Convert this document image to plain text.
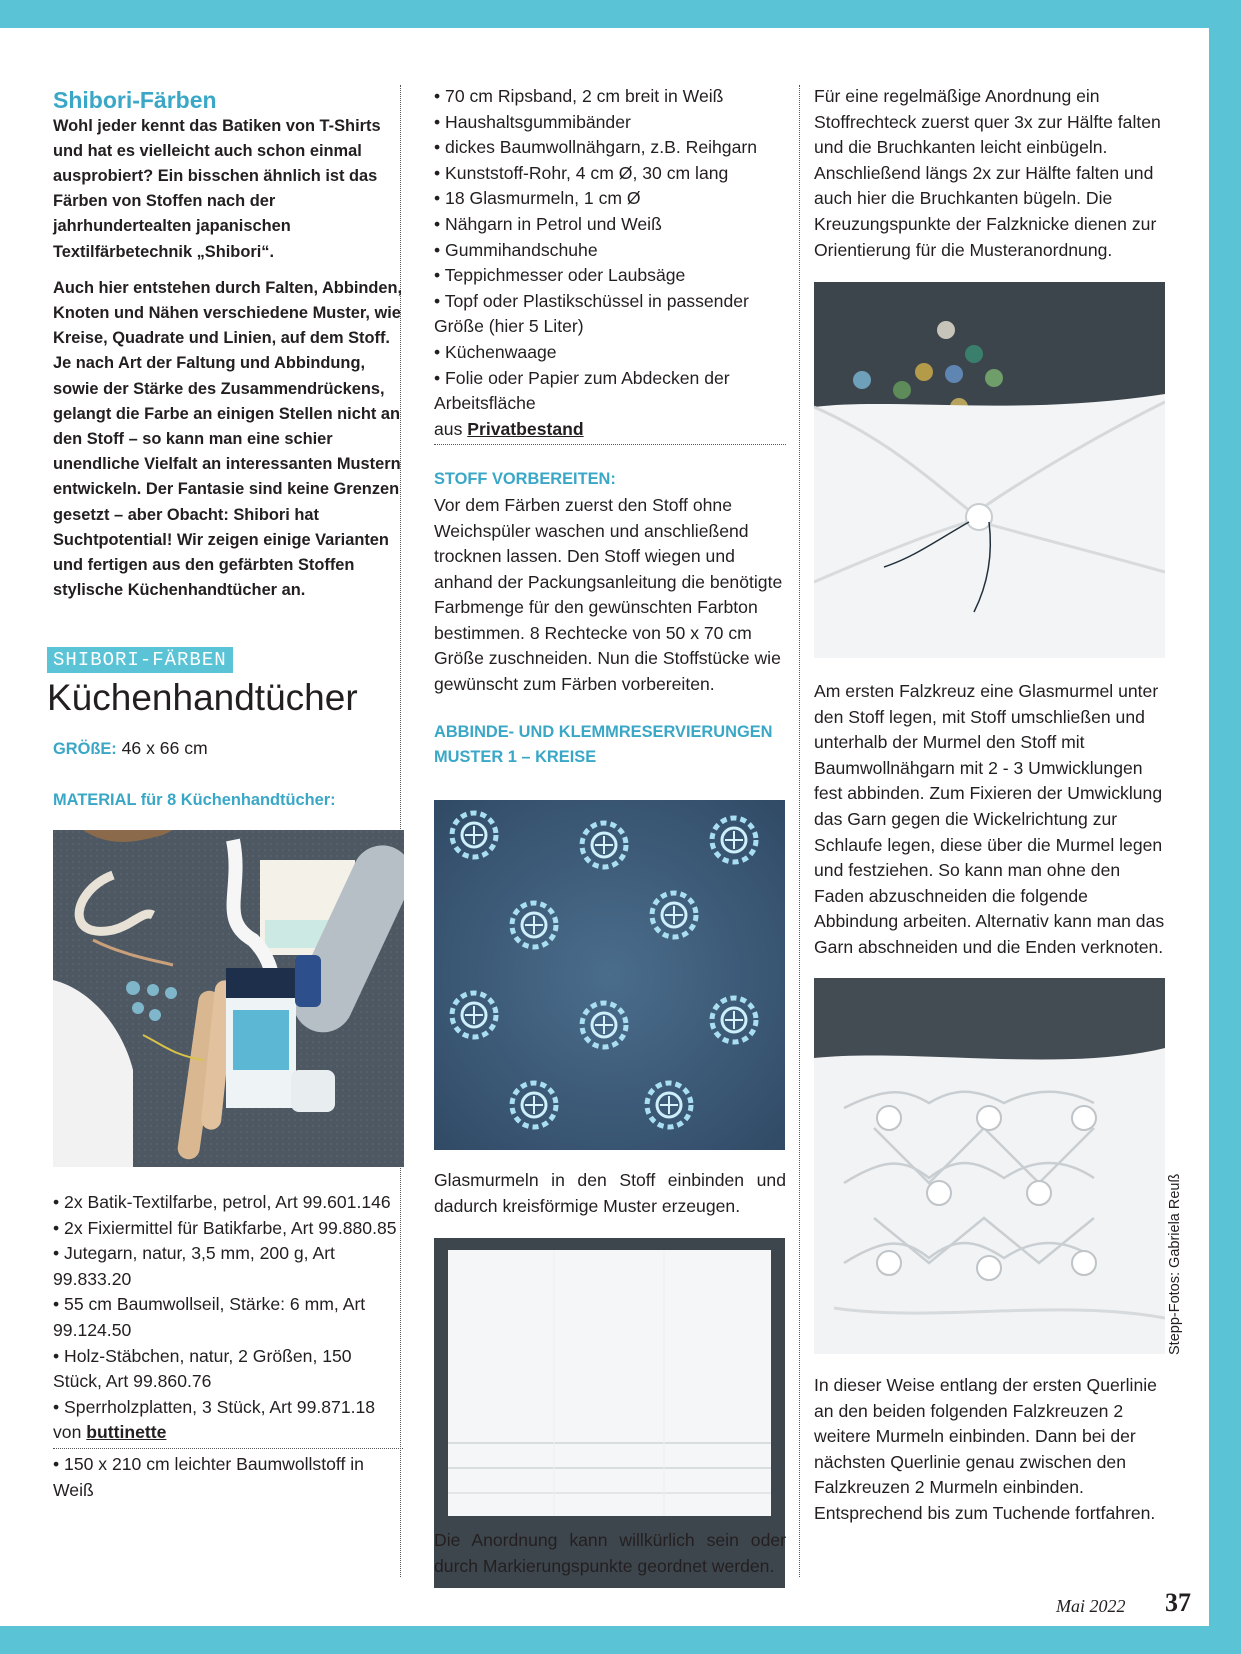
Shibori-Färben

Wohl jeder kennt das Batiken von T-Shirts und hat es vielleicht auch schon einmal ausprobiert? Ein bisschen ähnlich ist das Färben von Stoffen nach der jahrhundertealten japanischen Textilfärbetechnik „Shibori“.

Auch hier entstehen durch Falten, Abbinden, Knoten und Nähen verschiedene Muster, wie Kreise, Quadrate und Linien, auf dem Stoff. Je nach Art der Faltung und Abbindung, sowie der Stärke des Zusammendrückens, gelangt die Farbe an einigen Stellen nicht an den Stoff – so kann man eine schier unendliche Vielfalt an interessanten Mustern entwickeln. Der Fantasie sind keine Grenzen gesetzt – aber Obacht: Shibori hat Suchtpotential! Wir zeigen einige Varianten und fertigen aus den gefärbten Stoffen stylische Küchenhandtücher an.

SHIBORI-FÄRBEN
Küchenhandtücher
GRÖßE: 46 x 66 cm
MATERIAL für 8 Küchenhandtücher:

• 2x Batik-Textilfarbe, petrol, Art 99.601.146

• 2x Fixiermittel für Batikfarbe, Art 99.880.85

• Jutegarn, natur, 3,5 mm, 200 g, Art 99.833.20

• 55 cm Baumwollseil, Stärke: 6 mm, Art 99.124.50

• Holz-Stäbchen, natur, 2 Größen, 150 Stück, Art 99.860.76

• Sperrholzplatten, 3 Stück, Art 99.871.18

von buttinette

• 150 x 210 cm leichter Baumwollstoff in Weiß

• 70 cm Ripsband, 2 cm breit in Weiß

• Haushaltsgummibänder

• dickes Baumwollnähgarn, z.B. Reihgarn

• Kunststoff-Rohr, 4 cm Ø, 30 cm lang

• 18 Glasmurmeln, 1 cm Ø

• Nähgarn in Petrol und Weiß

• Gummihandschuhe

• Teppichmesser oder Laubsäge

• Topf oder Plastikschüssel in passender Größe (hier 5 Liter)

• Küchenwaage

• Folie oder Papier zum Abdecken der Arbeitsfläche

aus Privatbestand

STOFF VORBEREITEN:

Vor dem Färben zuerst den Stoff ohne Weichspüler waschen und anschließend trocknen lassen. Den Stoff wiegen und anhand der Packungsanleitung die benötigte Farbmenge für den gewünschten Farbton bestimmen. 8 Rechtecke von 50 x 70 cm Größe zuschneiden. Nun die Stoffstücke wie gewünscht zum Färben vorbereiten.

ABBINDE- UND KLEMMRESERVIERUNGEN
MUSTER 1 – KREISE

Glasmurmeln in den Stoff einbinden und dadurch kreisförmige Muster erzeugen.

Die Anordnung kann willkürlich sein oder durch Markierungspunkte geordnet werden.

Für eine regelmäßige Anordnung ein Stoffrechteck zuerst quer 3x zur Hälfte falten und die Bruchkanten leicht einbügeln. Anschließend längs 2x zur Hälfte falten und auch hier die Bruchkanten bügeln. Die Kreuzungspunkte der Falzknicke dienen zur Orientierung für die Musteranordnung.

Am ersten Falzkreuz eine Glasmurmel unter den Stoff legen, mit Stoff umschließen und unterhalb der Murmel den Stoff mit Baumwollnähgarn mit 2 - 3 Umwicklungen fest abbinden. Zum Fixieren der Umwicklung das Garn gegen die Wickelrichtung zur Schlaufe legen, diese über die Murmel legen und festziehen. So kann man ohne den Faden abzuschneiden die folgende Abbindung arbeiten. Alternativ kann man das Garn abschneiden und die Enden verknoten.

In dieser Weise entlang der ersten Querlinie an den beiden folgenden Falzkreuzen 2 weitere Murmeln einbinden. Dann bei der nächsten Querlinie genau zwischen den Falzkreuzen 2 Murmeln einbinden. Entsprechend bis zum Tuchende fortfahren.

Stepp-Fotos: Gabriela Reuß
Mai 2022 37
